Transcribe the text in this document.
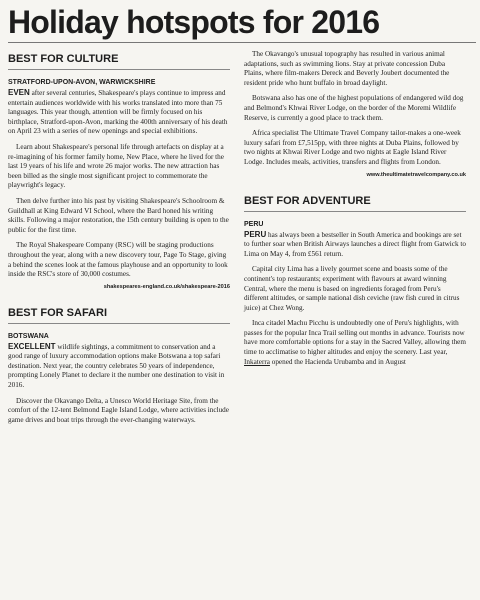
Holiday hotspots for 2016
BEST FOR CULTURE
STRATFORD-UPON-AVON, WARWICKSHIRE

EVEN after several centuries, Shakespeare's plays continue to impress and entertain audiences worldwide with his works translated into more than 75 languages. This year though, attention will be firmly focused on his birthplace, Stratford-upon-Avon, marking the 400th anniversary of his death on April 23 with a series of new openings and special exhibitions.

Learn about Shakespeare's personal life through artefacts on display at a re-imagining of his former family home, New Place, where he lived for the last 19 years of his life and wrote 26 major works. The new attraction has been billed as the single most significant project to commemorate the playwright's legacy.

Then delve further into his past by visiting Shakespeare's Schoolroom & Guildhall at King Edward VI School, where the Bard honed his writing skills. Following a major restoration, the 15th century building is open to the public for the first time.

The Royal Shakespeare Company (RSC) will be staging productions throughout the year, along with a new discovery tour, Page To Stage, giving a behind the scenes look at the famous playhouse and an opportunity to look inside the RSC's store of 30,000 costumes.

shakespeares-england.co.uk/shakespeare-2016
BEST FOR SAFARI
BOTSWANA

EXCELLENT wildlife sightings, a commitment to conservation and a good range of luxury accommodation options make Botswana a top safari destination. Next year, the country celebrates 50 years of independence, prompting Lonely Planet to declare it the number one destination to visit in 2016.

Discover the Okavango Delta, a Unesco World Heritage Site, from the comfort of the 12-tent Belmond Eagle Island Lodge, where activities include game drives and boat trips through the ever-changing waterways.

The Okavango's unusual topography has resulted in various animal adaptations, such as swimming lions. Stay at private concession Duba Plains, where film-makers Dereck and Beverly Joubert documented the resident pride who hunt buffalo in broad daylight.

Botswana also has one of the highest populations of endangered wild dog and Belmond's Khwai River Lodge, on the border of the Moremi Wildlife Reserve, is currently a good place to track them.

Africa specialist The Ultimate Travel Company tailor-makes a one-week luxury safari from £7,515pp, with three nights at Duba Plains, followed by two nights at Khwai River Lodge and two nights at Eagle Island River Lodge. Includes meals, activities, transfers and flights from London.

www.theultimatetravelcompany.co.uk
BEST FOR ADVENTURE
PERU

PERU has always been a bestseller in South America and bookings are set to further soar when British Airways launches a direct flight from Gatwick to Lima on May 4, from £561 return.

Capital city Lima has a lively gourmet scene and boasts some of the continent's top restaurants; experiment with flavours at award winning Central, where the menu is based on ingredients foraged from Peru's different altitudes, or sample national dish ceviche (raw fish cured in citrus juice) at Chez Wong.

Inca citadel Machu Picchu is undoubtedly one of Peru's highlights, with passes for the popular Inca Trail selling out months in advance. Tourists now have more comfortable options for a stay in the Sacred Valley, allowing them time to acclimatise to higher altitudes and enjoy the scenery. Last year, Inkaterra opened the Hacienda Urubamba and in August
